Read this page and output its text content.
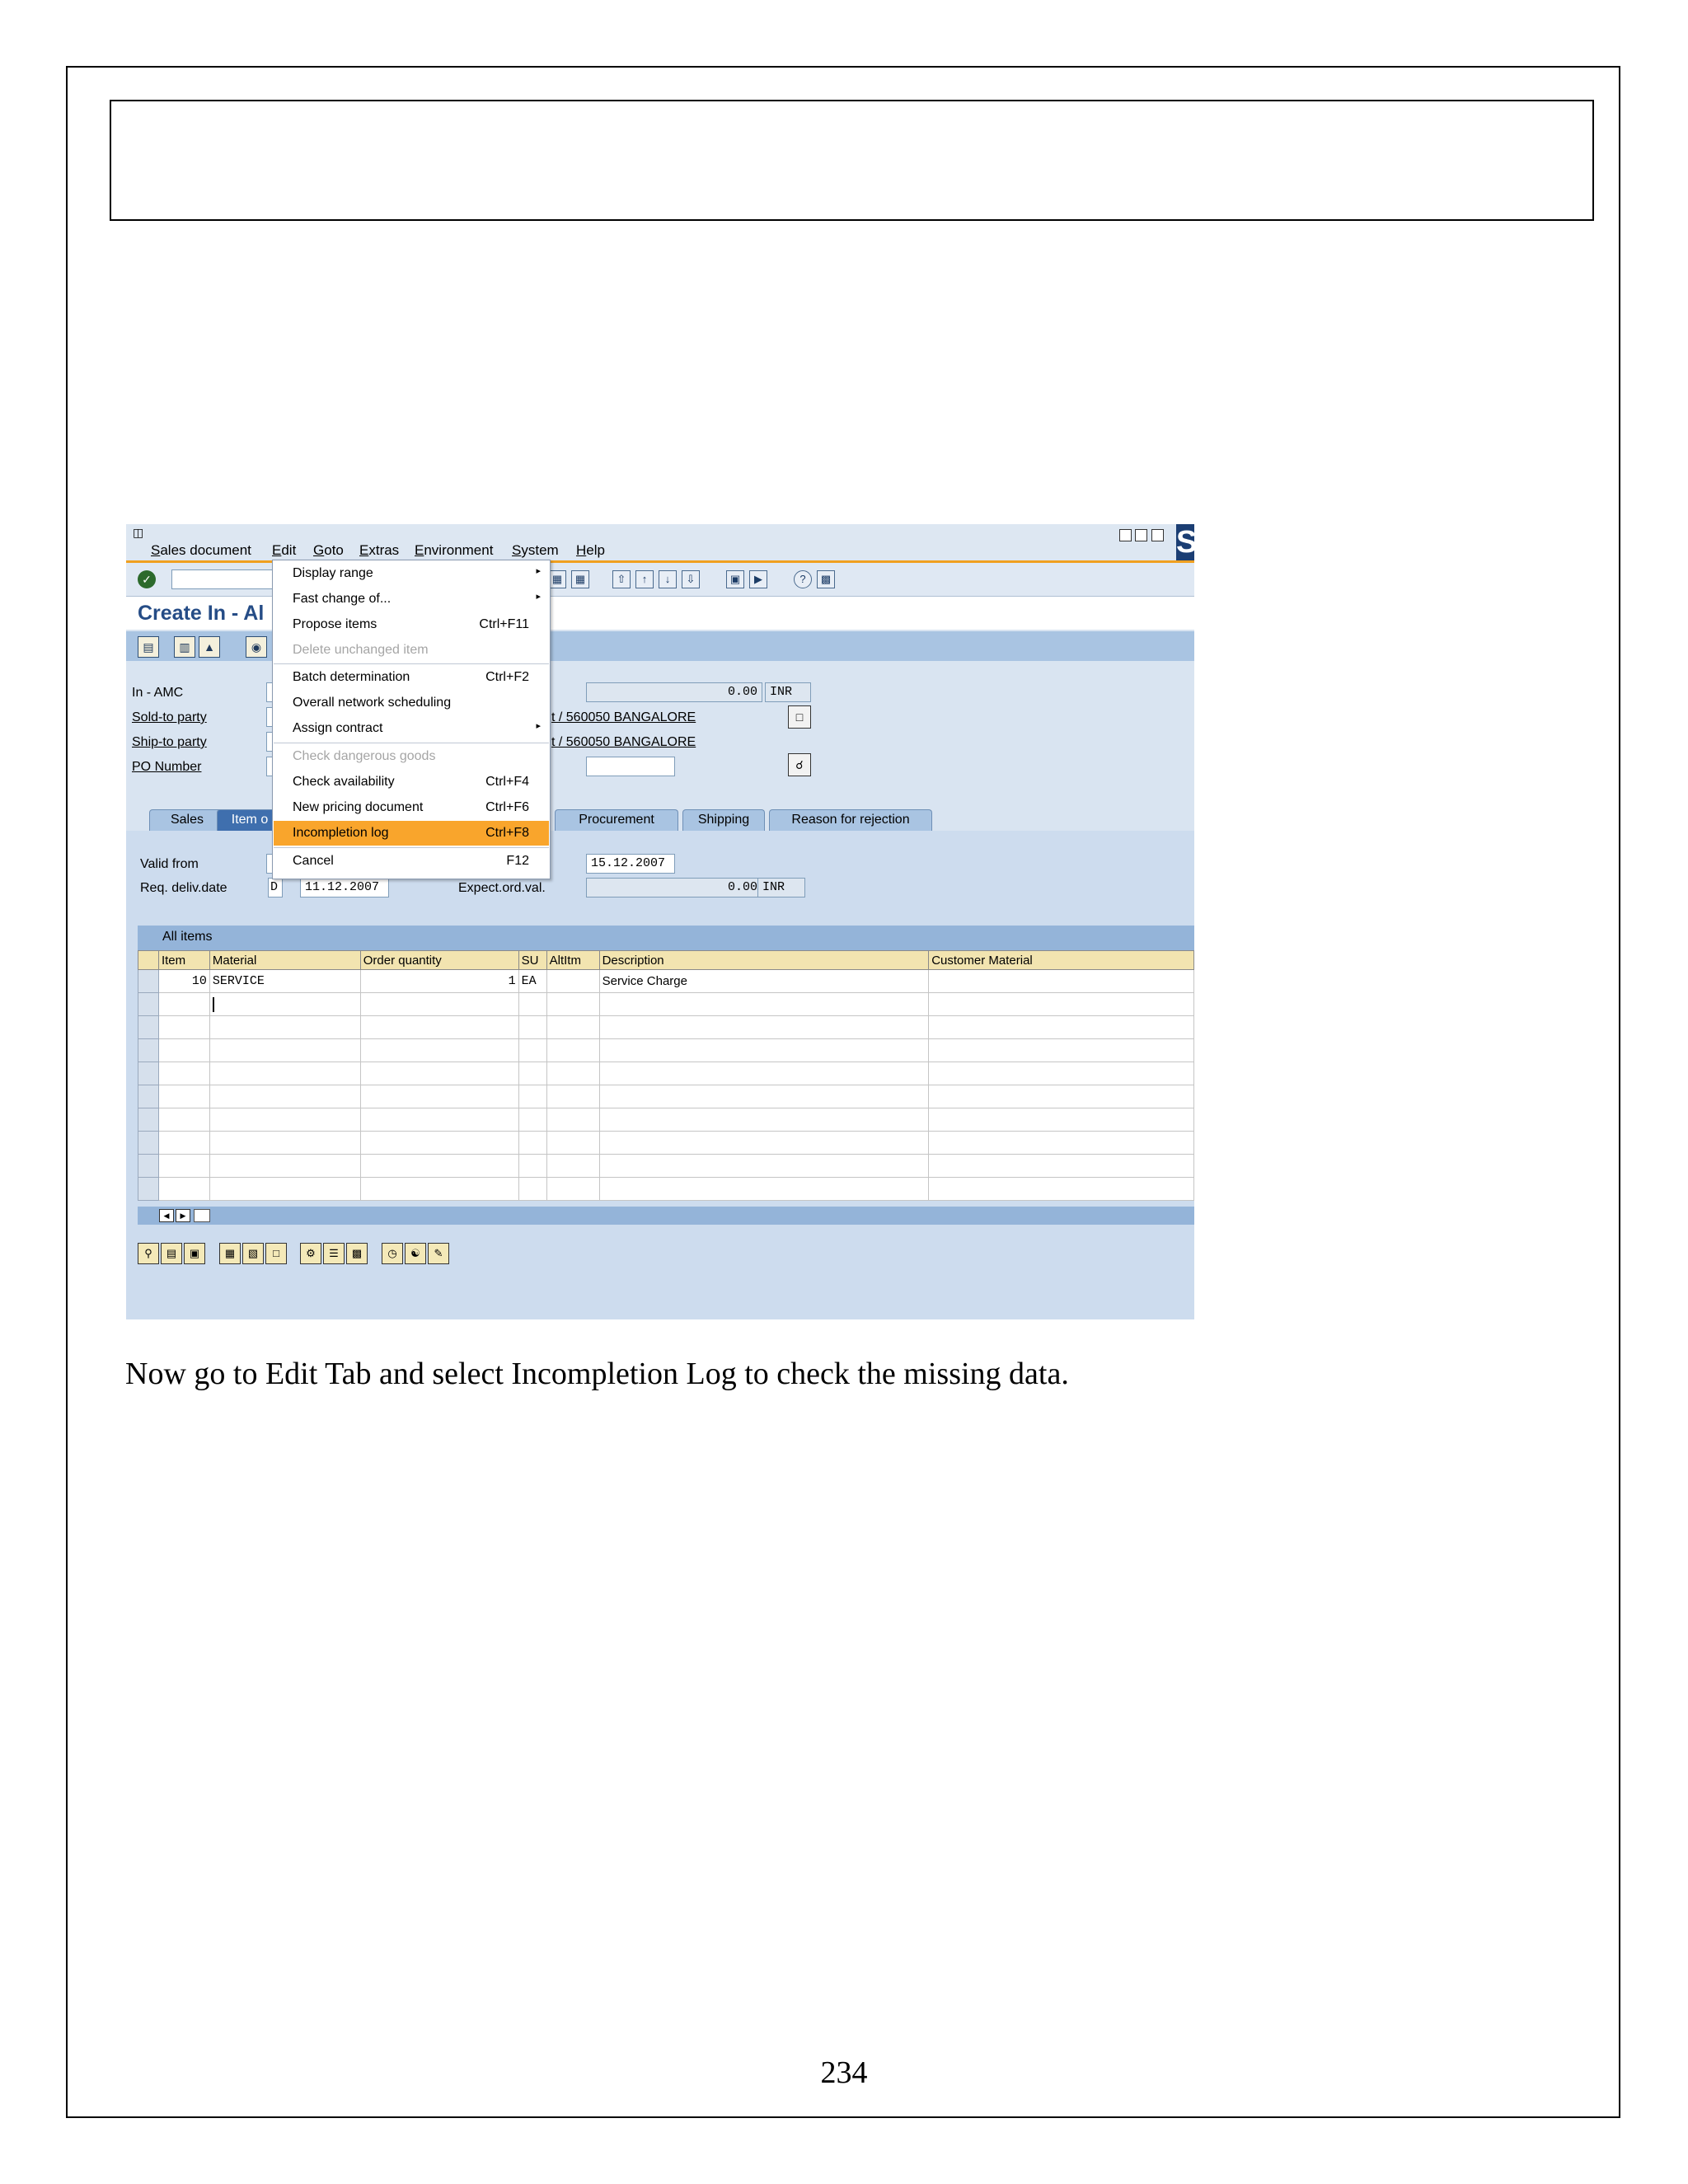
◫
Sales document Edit Goto Extras Environment System Help	S
✓	▦	▦	⇧	↑	↓	⇩	▣	▶	?	▩
Create In - Al
▤	▥	▲	◉
In - AMC
Sold-to party	t / 560050 BANGALORE
Ship-to party	t / 560050 BANGALORE
PO Number
0.00	INR
□
☌
Sales	Item o	Procurement	Shipping	Reason for rejection
Valid from	15.12.2007
Req. deliv.date	D	11.12.2007	Expect.ord.val.	0.00 INR
All items
	Item	Material	Order quantity	SU	AltItm	Description	Customer Material
	10	SERVICE	1	EA		Service Charge	

◀	▶
⚲	▤	▣	▦	▧	□	⚙	☰	▩	◷	☯	✎
Display range	▸
Fast change of...	▸
Propose items	Ctrl+F11
Delete unchanged item
Batch determination	Ctrl+F2
Overall network scheduling
Assign contract	▸
Check dangerous goods
Check availability	Ctrl+F4
New pricing document	Ctrl+F6
Incompletion log	Ctrl+F8
Cancel	F12
Now go to Edit Tab and select Incompletion Log to check the missing data.
234
